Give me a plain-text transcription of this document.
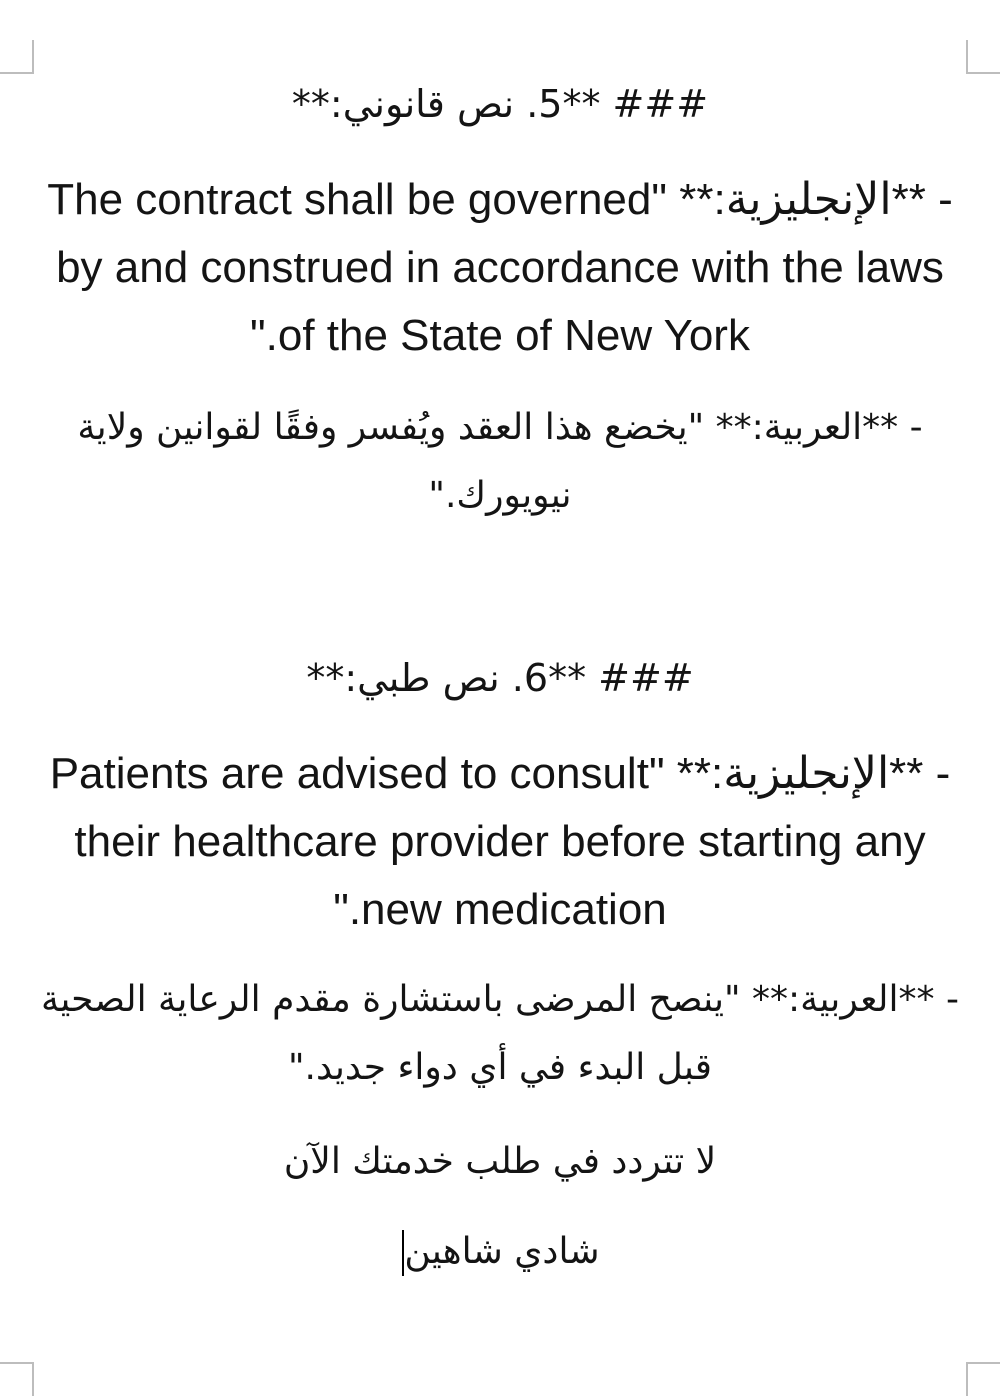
### **5. نص قانوني:**

- **الإنجليزية:** "The contract shall be governed by and construed in accordance with the laws of the State of New York."

- **العربية:** "يخضع هذا العقد ويُفسر وفقًا لقوانين ولاية نيويورك."

### **6. نص طبي:**

- **الإنجليزية:** "Patients are advised to consult their healthcare provider before starting any new medication."

- **العربية:** "ينصح المرضى باستشارة مقدم الرعاية الصحية قبل البدء في أي دواء جديد."

لا تتردد في طلب خدمتك الآن

شادي شاهين
